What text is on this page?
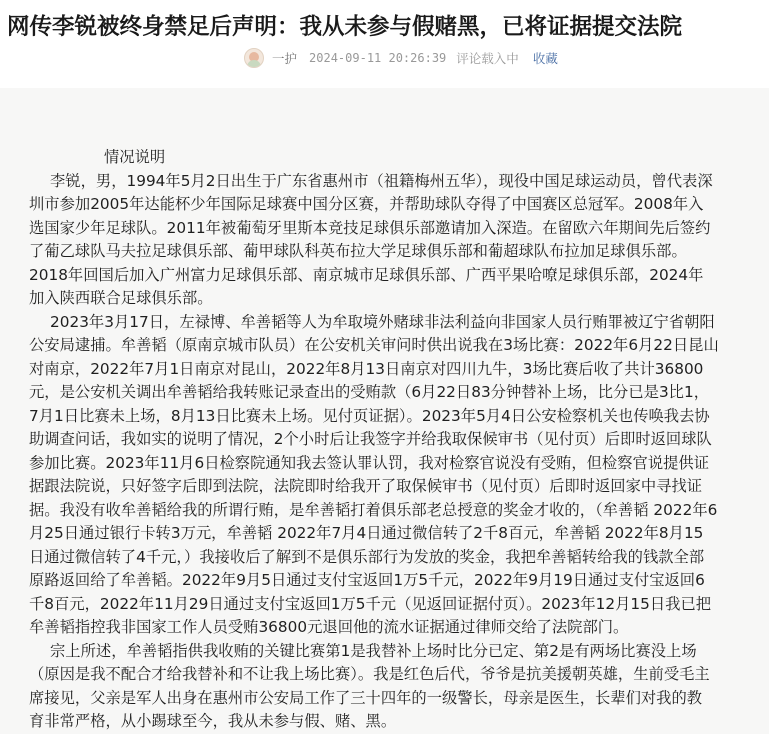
网传李锐被终身禁足后声明：我从未参与假赌黑，已将证据提交法院
一护 2024-09-11 20:26:39 评论载入中 收藏
情况说明
李锐，男，1994年5月2日出生于广东省惠州市（祖籍梅州五华），现役中国足球运动员，曾代表深
圳市参加2005年达能杯少年国际足球赛中国分区赛，并帮助球队夺得了中国赛区总冠军。2008年入
选国家少年足球队。2011年被葡萄牙里斯本竞技足球俱乐部邀请加入深造。在留欧六年期间先后签约
了葡乙球队马夫拉足球俱乐部、葡甲球队科英布拉大学足球俱乐部和葡超球队布拉加足球俱乐部。
2018年回国后加入广州富力足球俱乐部、南京城市足球俱乐部、广西平果哈嘹足球俱乐部，2024年
加入陕西联合足球俱乐部。
2023年3月17日，左禄博、牟善韬等人为牟取境外赌球非法利益向非国家人员行贿罪被辽宁省朝阳
公安局逮捕。牟善韬（原南京城市队员）在公安机关审问时供出说我在3场比赛：2022年6月22日昆山
对南京，2022年7月1日南京对昆山，2022年8月13日南京对四川九牛，3场比赛后收了共计36800
元，是公安机关调出牟善韬给我转账记录查出的受贿款（6月22日83分钟替补上场，比分已是3比1，
7月1日比赛未上场，8月13日比赛未上场。见付页证据）。2023年5月4日公安检察机关也传唤我去协
助调查问话，我如实的说明了情况，2个小时后让我签字并给我取保候审书（见付页）后即时返回球队
参加比赛。2023年11月6日检察院通知我去签认罪认罚，我对检察官说没有受贿，但检察官说提供证
据跟法院说，只好签字后即到法院，法院即时给我开了取保候审书（见付页）后即时返回家中寻找证
据。我没有收牟善韬给我的所谓行贿，是牟善韬打着俱乐部老总授意的奖金才收的，（牟善韬 2022年6
月25日通过银行卡转3万元，牟善韬 2022年7月4日通过微信转了2千8百元，牟善韬 2022年8月15
日通过微信转了4千元，）我接收后了解到不是俱乐部行为发放的奖金，我把牟善韬转给我的钱款全部
原路返回给了牟善韬。2022年9月5日通过支付宝返回1万5千元，2022年9月19日通过支付宝返回6
千8百元，2022年11月29日通过支付宝返回1万5千元（见返回证据付页）。2023年12月15日我已把
牟善韬指控我非国家工作人员受贿36800元退回他的流水证据通过律师交给了法院部门。
宗上所述，牟善韬指供我收贿的关键比赛第1是我替补上场时比分已定、第2是有两场比赛没上场
（原因是我不配合才给我替补和不让我上场比赛）。我是红色后代，爷爷是抗美援朝英雄，生前受毛主
席接见，父亲是军人出身在惠州市公安局工作了三十四年的一级警长，母亲是医生，长辈们对我的教
育非常严格，从小踢球至今，我从未参与假、赌、黑。
